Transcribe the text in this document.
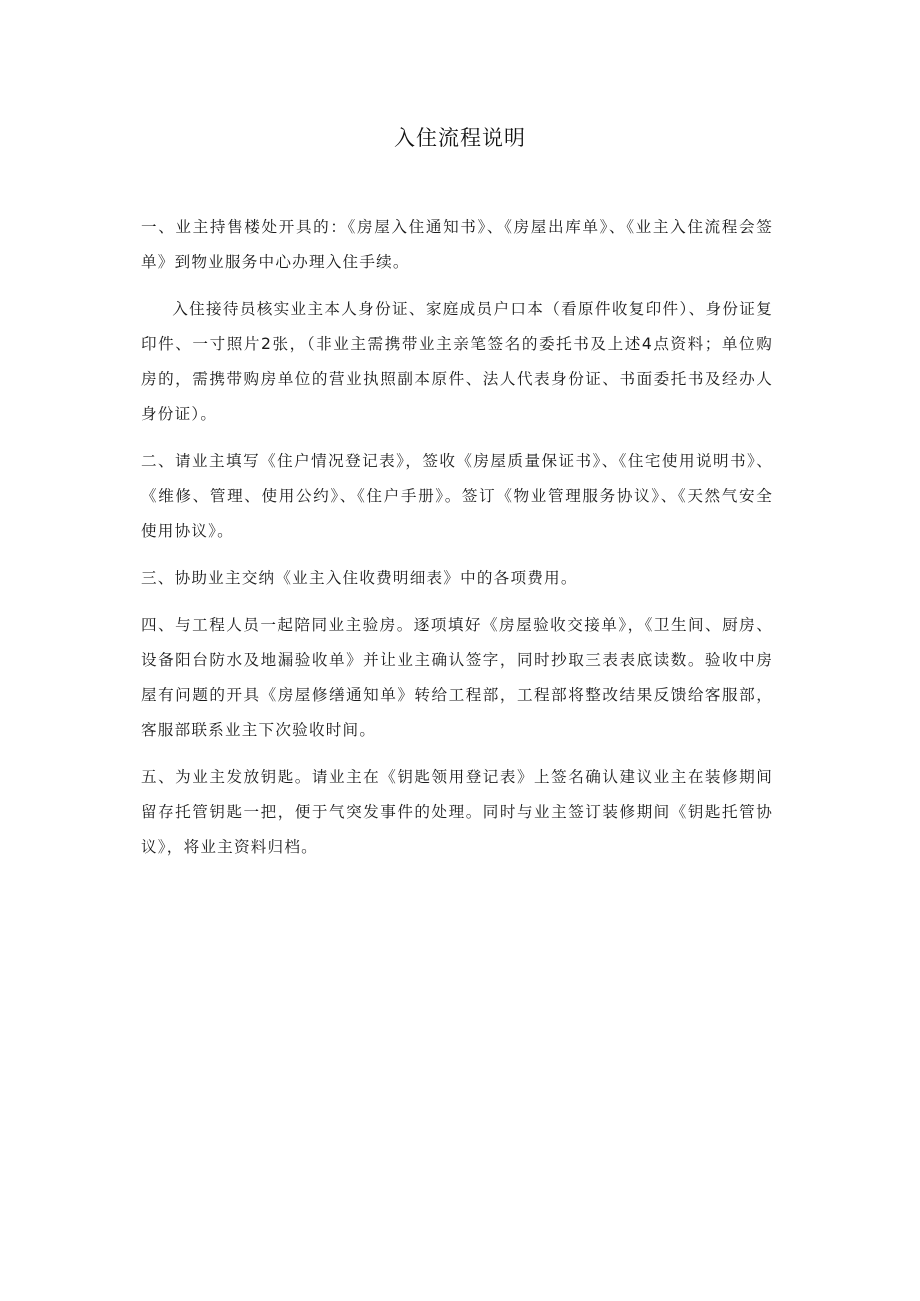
入住流程说明

一、业主持售楼处开具的：《房屋入住通知书》、《房屋出库单》、《业主入住流程会签单》到物业服务中心办理入住手续。

入住接待员核实业主本人身份证、家庭成员户口本（看原件收复印件）、身份证复印件、一寸照片2张，（非业主需携带业主亲笔签名的委托书及上述4点资料；单位购房的，需携带购房单位的营业执照副本原件、法人代表身份证、书面委托书及经办人身份证）。

二、请业主填写《住户情况登记表》，签收《房屋质量保证书》、《住宅使用说明书》、《维修、管理、使用公约》、《住户手册》。签订《物业管理服务协议》、《天然气安全使用协议》。

三、协助业主交纳《业主入住收费明细表》中的各项费用。

四、与工程人员一起陪同业主验房。逐项填好《房屋验收交接单》，《卫生间、厨房、设备阳台防水及地漏验收单》并让业主确认签字，同时抄取三表表底读数。验收中房屋有问题的开具《房屋修缮通知单》转给工程部，工程部将整改结果反馈给客服部，客服部联系业主下次验收时间。

五、为业主发放钥匙。请业主在《钥匙领用登记表》上签名确认建议业主在装修期间留存托管钥匙一把，便于气突发事件的处理。同时与业主签订装修期间《钥匙托管协议》，将业主资料归档。
